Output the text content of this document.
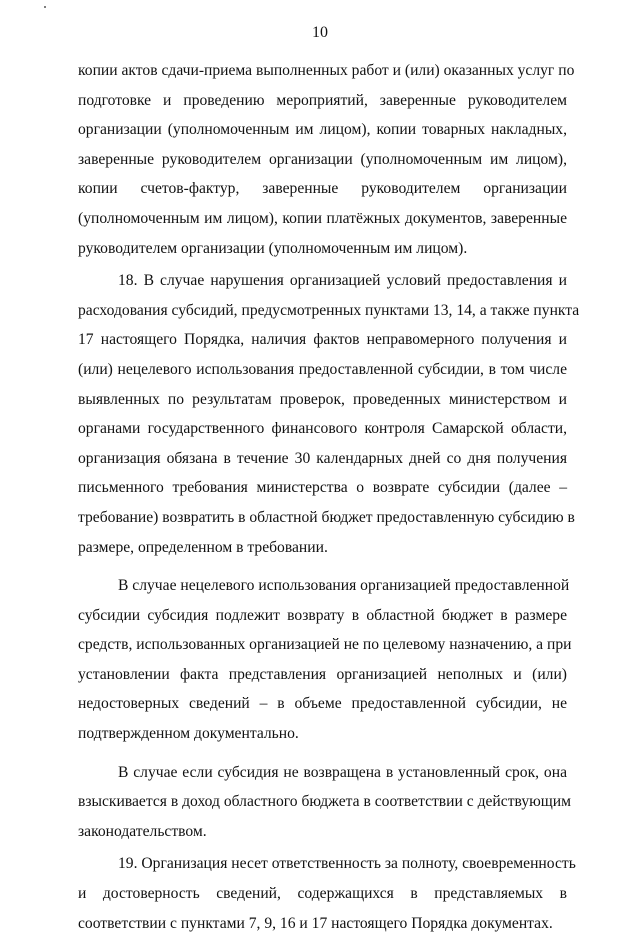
10
копии актов сдачи-приема выполненных работ и (или) оказанных услуг по
подготовке и проведению мероприятий, заверенные руководителем
организации (уполномоченным им лицом), копии товарных накладных,
заверенные руководителем организации (уполномоченным им лицом),
копии счетов-фактур, заверенные руководителем организации
(уполномоченным им лицом), копии платёжных документов, заверенные
руководителем организации (уполномоченным им лицом).
18. В случае нарушения организацией условий предоставления и
расходования субсидий, предусмотренных пунктами 13, 14, а также пункта
17 настоящего Порядка, наличия фактов неправомерного получения и
(или) нецелевого использования предоставленной субсидии, в том числе
выявленных по результатам проверок, проведенных министерством и
органами государственного финансового контроля Самарской области,
организация обязана в течение 30 календарных дней со дня получения
письменного требования министерства о возврате субсидии (далее –
требование) возвратить в областной бюджет предоставленную субсидию в
размере, определенном в требовании.
В случае нецелевого использования организацией предоставленной
субсидии субсидия подлежит возврату в областной бюджет в размере
средств, использованных организацией не по целевому назначению, а при
установлении факта представления организацией неполных и (или)
недостоверных сведений – в объеме предоставленной субсидии, не
подтвержденном документально.
В случае если субсидия не возвращена в установленный срок, она
взыскивается в доход областного бюджета в соответствии с действующим
законодательством.
19. Организация несет ответственность за полноту, своевременность
и достоверность сведений, содержащихся в представляемых в
соответствии с пунктами 7, 9, 16 и 17 настоящего Порядка документах.
